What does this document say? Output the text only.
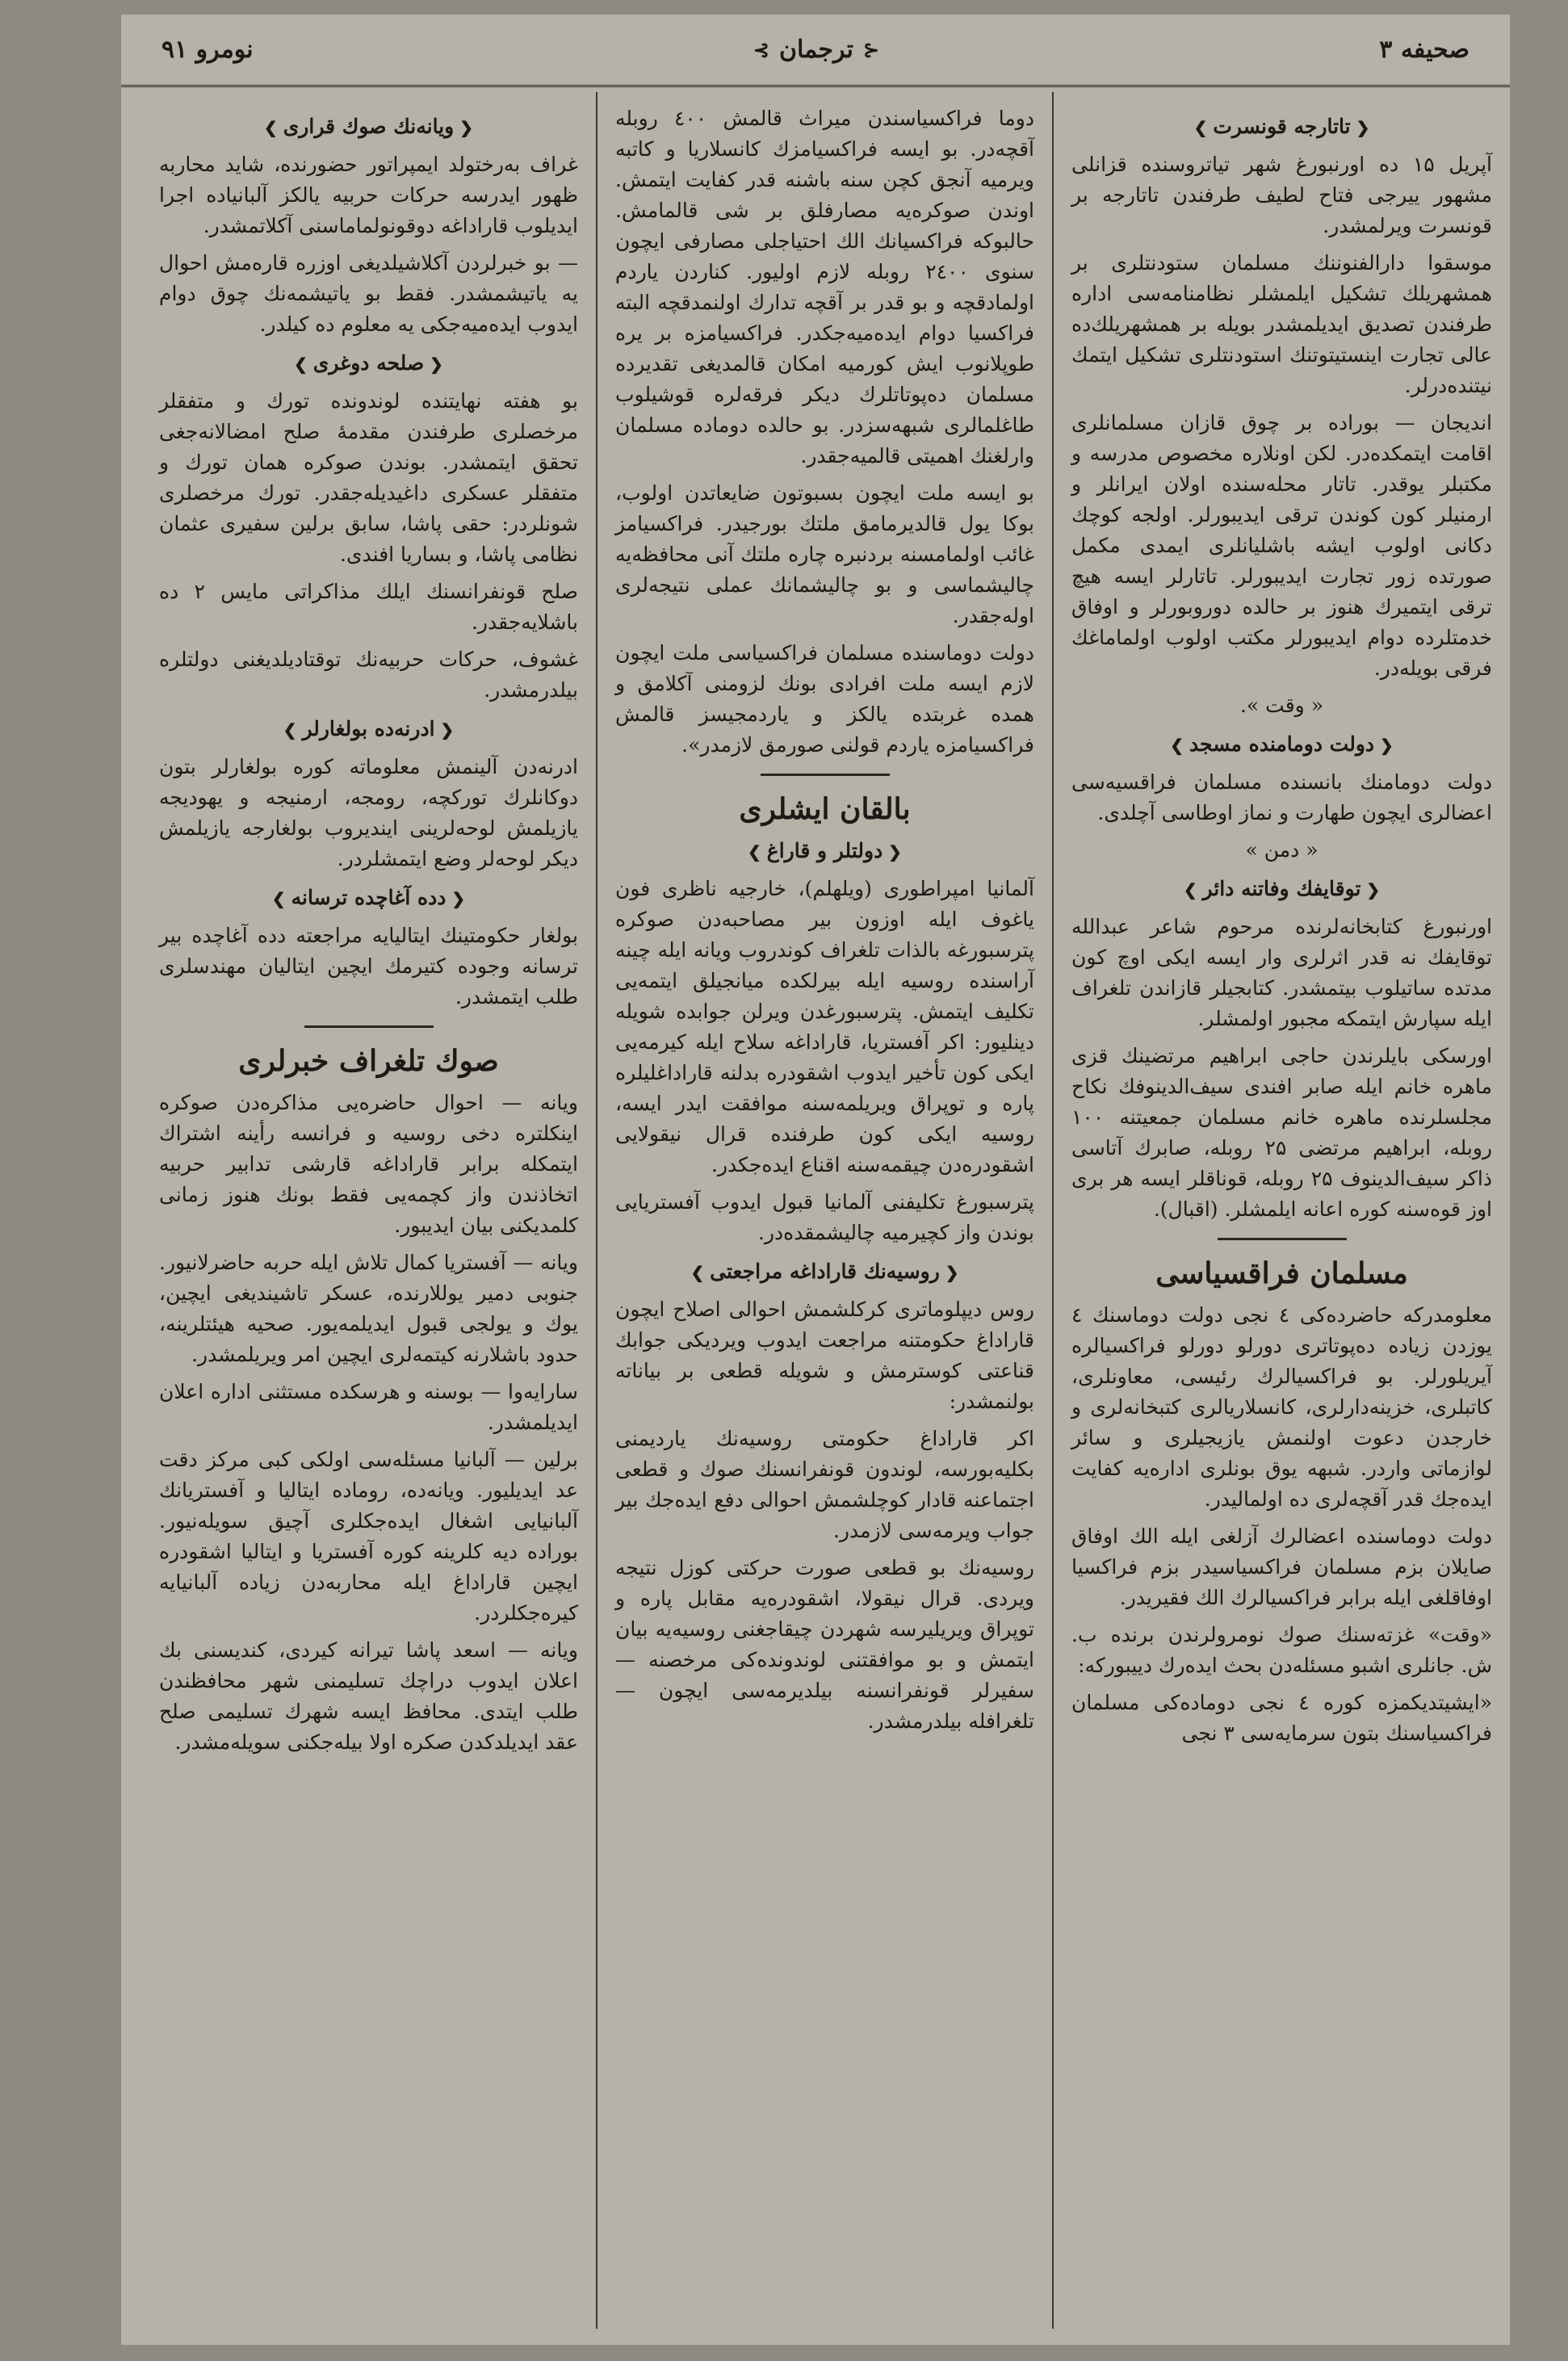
صحیفه ۳
⊰
ترجمان
⊱
نومرو ۹۱
❮ تاتارجه قونسرت ❯

آپریل ۱۵ ده اورنبورغ شهر تیاتروسنده قزانلی مشهور ییرجی فتاح لطیف طرفندن تاتارجه بر قونسرت ویرلمشدر.

موسقوا دارالفنوننك مسلمان ستودنتلری بر همشهریلك تشکیل ایلمشلر نظامنامه‌سی اداره طرفندن تصدیق ایدیلمشدر بویله بر همشهریلك‌ده عالی تجارت اینستیتوتنك استودنتلری تشکیل ایتمك نیتنده‌درلر.

اندیجان — بوراده بر چوق قازان مسلمانلری اقامت ایتمکده‌در. لکن اونلاره مخصوص مدرسه و مکتبلر یوقدر. تاتار محله‌سنده اولان ایرانلر و ارمنیلر کون کوندن ترقی ایدیبورلر. اولجه کوچك دکانی اولوب ایشه باشلیانلری ایمدی مکمل صورتده زور تجارت ایدیبورلر. تاتارلر ایسه هیچ ترقی ایتمیرك هنوز بر حالده دوروبورلر و اوفاق خدمتلرده دوام ایدیبورلر مکتب اولوب اولماماغك فرقی بویله‌در.

« وقت ».
❮ دولت دومامنده مسجد ❯

دولت دومامنك بانسنده مسلمان فراقسیه‌سی اعضالری ایچون طهارت و نماز اوطاسی آچلدی.

« دمن »
❮ توقایفك وفاتنه دائر ❯

اورنبورغ کتابخانه‌لرنده مرحوم شاعر عبدالله توقایفك نه قدر اثرلری وار ایسه ایکی اوچ کون مدتده ساتیلوب بیتمشدر. کتابجیلر قازاندن تلغراف ایله سپارش ایتمکه مجبور اولمشلر.

اورسکی بایلرندن حاجی ابراهیم مرتضینك قزی ماهره خانم ایله صابر افندی سیف‌الدینوفك نکاح مجلسلرنده ماهره خانم مسلمان جمعیتنه ۱۰۰ روبله، ابراهیم مرتضی ۲۵ روبله، صابرك آتاسی ذاکر سیف‌الدینوف ۲۵ روبله، قوناقلر ایسه هر بری اوز قوه‌سنه کوره اعانه ایلمشلر. (اقبال).

مسلمان فراقسیاسی

معلومدرکه حاضرده‌کی ٤ نجی دولت دوماسنك ٤ یوزدن زیاده ده‌پوتاتری دورلو دورلو فراکسیالره آیریلورلر. بو فراکسیالرك رئیسی، معاونلری، کاتبلری، خزینه‌دارلری، کانسلاریالری کتبخانه‌لری و خارجدن دعوت اولنمش یازیجیلری و سائر لوازماتی واردر. شبهه یوق بونلری اداره‌یه کفایت ایده‌جك قدر آقچه‌لری ده اولمالیدر.

دولت دوماسنده اعضالرك آزلغی ایله الك اوفاق صایلان بزم مسلمان فراکسیاسیدر بزم فراکسیا اوفاقلغی ایله برابر فراکسیالرك الك فقیریدر.

«وقت» غزته‌سنك صوك نومرولرندن برنده ب. ش. جانلری اشبو مسئله‌دن بحث ایده‌رك دییبورکه:

«ایشیتدیکمزه کوره ٤ نجی دوماده‌کی مسلمان فراکسیاسنك بتون سرمایه‌سی ۳ نجی

دوما فراکسیاسندن میراث قالمش ٤٠٠ روبله آقچه‌در. بو ایسه فراکسیامزك کانسلاریا و کاتبه ویرمیه آنجق کچن سنه باشنه قدر کفایت ایتمش. اوندن صوکره‌یه مصارفلق بر شی قالمامش. حالبوکه فراکسیانك الك احتیاجلی مصارفی ایچون سنوی ۲٤٠٠ روبله لازم اولیور. کناردن یاردم اولمادقچه و بو قدر بر آقچه تدارك اولنمدقچه البته فراکسیا دوام ایده‌میه‌جکدر. فراکسیامزه بر یره طوپلانوب ایش کورمیه امکان قالمدیغی تقدیرده مسلمان ده‌پوتاتلرك دیکر فرقه‌لره قوشیلوب طاغلمالری شبهه‌سزدر. بو حالده دوماده مسلمان وارلغنك اهمیتی قالمیه‌جقدر.

بو ایسه ملت ایچون بسبوتون ضایعاتدن اولوب، بوکا یول قالدیرمامق ملتك بورجیدر. فراکسیامز غائب اولمامسنه بردنبره چاره ملتك آنی محافظه‌یه چالیشماسی و بو چالیشمانك عملی نتیجه‌لری اوله‌جقدر.

دولت دوماسنده مسلمان فراکسیاسی ملت ایچون لازم ایسه ملت افرادی بونك لزومنی آکلامق و همده غربتده یالکز و یاردمجیسز قالمش فراکسیامزه یاردم قولنی صورمق لازمدر».

بالقان ایشلری
❮ دولتلر و قاراغ ❯

آلمانیا امپراطوری (ویلهلم)، خارجیه ناظری فون یاغوف ایله اوزون بیر مصاحبه‌دن صوکره پترسبورغه بالذات تلغراف کوندروب ویانه ایله چینه آراسنده روسیه ایله بیرلکده میانجیلق ایتمه‌یی تکلیف ایتمش. پترسبورغدن ویرلن جوابده شویله دینلیور: اکر آفستریا، قاراداغه سلاح ایله کیرمه‌یی ایکی کون تأخیر ایدوب اشقودره بدلنه قاراداغلیلره پاره و توپراق ویریلمه‌سنه موافقت ایدر ایسه، روسیه ایکی کون طرفنده قرال نیقولایی اشقودره‌دن چیقمه‌سنه اقناع ایده‌جکدر.

پترسبورغ تکلیفنی آلمانیا قبول ایدوب آفستریایی بوندن واز کچیرمیه چالیشمقده‌در.

❮ روسیه‌نك قاراداغه مراجعتی ❯

روس دیپلوماتری کرکلشمش احوالی اصلاح ایچون قاراداغ حکومتنه مراجعت ایدوب ویردیکی جوابك قناعتی کوسترمش و شویله قطعی بر بیاناته بولنمشدر:

اکر قاراداغ حکومتی روسیه‌نك یاردیمنی بکلیه‌بورسه، لوندون قونفرانسنك صوك و قطعی اجتماعنه قادار کوچلشمش احوالی دفع ایده‌جك بیر جواب ویرمه‌سی لازمدر.

روسیه‌نك بو قطعی صورت حرکتی کوزل نتیجه ویردی. قرال نیقولا، اشقودره‌یه مقابل پاره و توپراق ویریلیرسه شهردن چیقاجغنی روسیه‌یه بیان ایتمش و بو موافقتنی لوندونده‌کی مرخصنه — سفیرلر قونفرانسنه بیلدیرمه‌سی ایچون — تلغرافله بیلدرمشدر.

❮ ویانه‌نك صوك قراری ❯

غراف به‌رختولد ایمپراتور حضورنده، شاید محاربه ظهور ایدرسه حرکات حربیه یالکز آلبانیاده اجرا ایدیلوب قاراداغه دوقونولماماسنی آکلاتمشدر.

— بو خبرلردن آکلاشیلدیغی اوزره قاره‌مش احوال یه یاتیشمشدر. فقط بو یاتیشمه‌نك چوق دوام ایدوب ایده‌میه‌جکی یه معلوم ده کیلدر.

❮ صلحه دوغری ❯

بو هفته نهایتنده لوندونده تورك و متفقلر مرخصلری طرفندن مقدمهٔ صلح امضالانه‌جغی تحقق ایتمشدر. بوندن صوکره همان تورك و متفقلر عسکری داغیدیله‌جقدر. تورك مرخصلری شونلردر: حقی پاشا، سابق برلین سفیری عثمان نظامی پاشا، و بساریا افندی.

صلح قونفرانسنك ایلك مذاکراتی مایس ۲ ده باشلایه‌جقدر.

غشوف، حرکات حربیه‌نك توقتادیلدیغنی دولتلره بیلدرمشدر.

❮ ادرنه‌ده بولغارلر ❯

ادرنه‌دن آلینمش معلوماته کوره بولغارلر بتون دوکانلرك تورکچه، رومجه، ارمنیجه و یهودیجه یازیلمش لوحه‌لرینی ایندیروب بولغارجه یازیلمش دیکر لوحه‌لر وضع ایتمشلردر.

❮ دده آغاچده ترسانه ❯

بولغار حکومتینك ایتالیایه مراجعته دده آغاچده بیر ترسانه وجوده کتیرمك ایچین ایتالیان مهندسلری طلب ایتمشدر.

صوك تلغراف خبرلری

ویانه — احوال حاضره‌یی مذاکره‌دن صوکره اینکلتره دخی روسیه و فرانسه رأینه اشتراك ایتمکله برابر قاراداغه قارشی تدابیر حربیه اتخاذندن واز کچمه‌یی فقط بونك هنوز زمانی کلمدیکنی بیان ایدیبور.

ویانه — آفستریا کمال تلاش ایله حربه حاضرلانیور. جنوبی دمیر یوللارنده، عسکر تاشیندیغی ایچین، یوك و یولجی قبول ایدیلمه‌یور. صحیه هیئتلرینه، حدود باشلارنه کیتمه‌لری ایچین امر ویریلمشدر.

سارایه‌وا — بوسنه و هرسکده مستثنی اداره اعلان ایدیلمشدر.

برلین — آلبانیا مسئله‌سی اولکی کبی مرکز دقت عد ایدیلیور. ویانه‌ده، روماده ایتالیا و آفستریانك آلبانیایی اشغال ایده‌جکلری آچیق سویله‌نیور. بوراده دیه کلرینه کوره آفستریا و ایتالیا اشقودره ایچین قاراداغ ایله محاربه‌دن زیاده آلبانیایه کیره‌جکلردر.

ویانه — اسعد پاشا تیرانه کیردی، کندیسنی بك اعلان ایدوب دراچك تسلیمنی شهر محافظندن طلب ایتدی. محافظ ایسه شهرك تسلیمی صلح عقد ایدیلدکدن صکره اولا بیله‌جکنی سویله‌مشدر.
